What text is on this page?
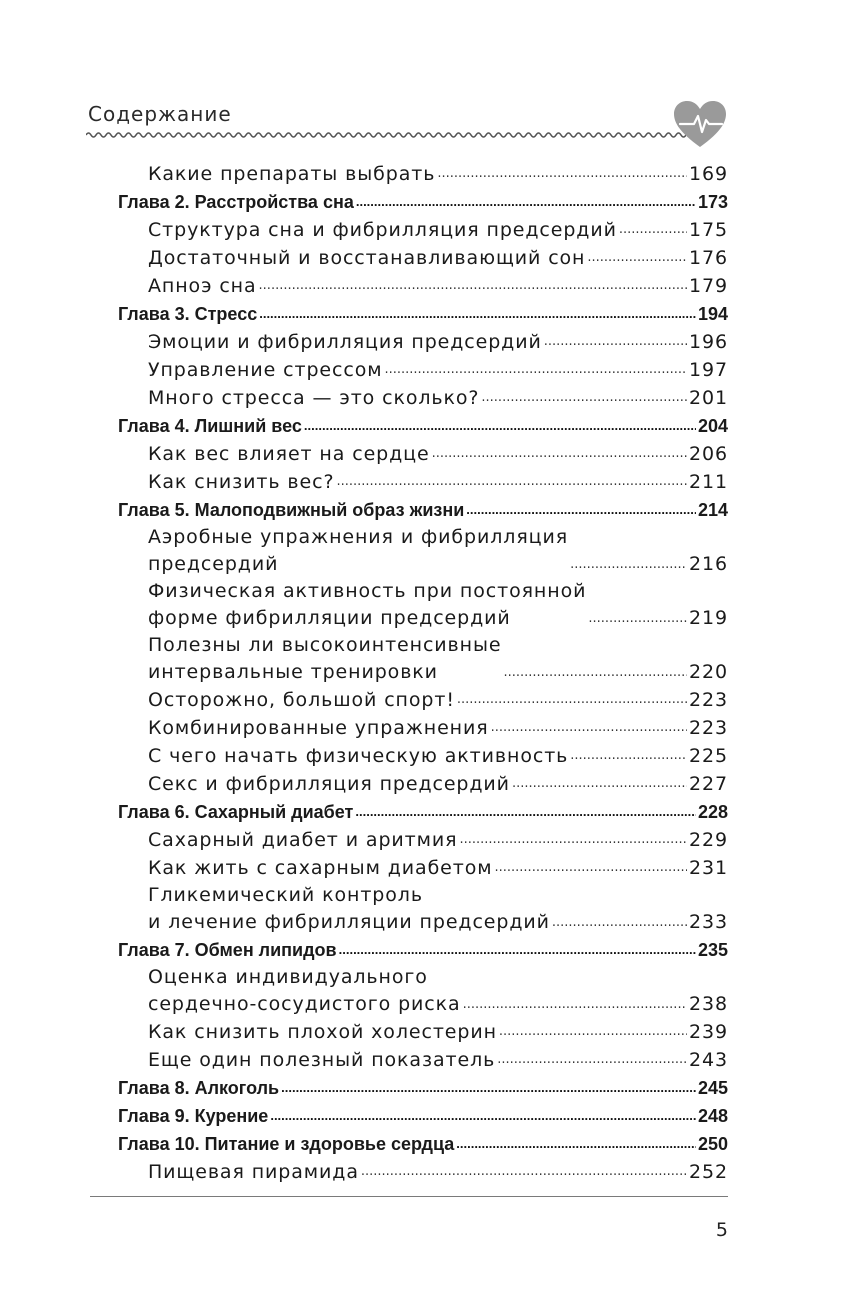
Содержание
Какие препараты выбрать .....	169
Глава 2. Расстройства сна .....	173
Структура сна и фибрилляция предсердий .....	175
Достаточный и восстанавливающий сон .....	176
Апноэ сна .....	179
Глава 3. Стресс .....	194
Эмоции и фибрилляция предсердий .....	196
Управление стрессом .....	197
Много стресса — это сколько? .....	201
Глава 4. Лишний вес .....	204
Как вес влияет на сердце .....	206
Как снизить вес? .....	211
Глава 5. Малоподвижный образ жизни .....	214
Аэробные упражнения и фибрилляция
предсердий .....	216
Физическая активность при постоянной
форме фибрилляции предсердий .....	219
Полезны ли высокоинтенсивные
интервальные тренировки .....	220
Осторожно, большой спорт! .....	223
Комбинированные упражнения .....	223
С чего начать физическую активность .....	225
Секс и фибрилляция предсердий .....	227
Глава 6. Сахарный диабет .....	228
Сахарный диабет и аритмия .....	229
Как жить с сахарным диабетом .....	231
Гликемический контроль
и лечение фибрилляции предсердий .....	233
Глава 7. Обмен липидов .....	235
Оценка индивидуального
сердечно-сосудистого риска .....	238
Как снизить плохой холестерин .....	239
Еще один полезный показатель .....	243
Глава 8. Алкоголь .....	245
Глава 9. Курение .....	248
Глава 10. Питание и здоровье сердца .....	250
Пищевая пирамида .....	252
5
